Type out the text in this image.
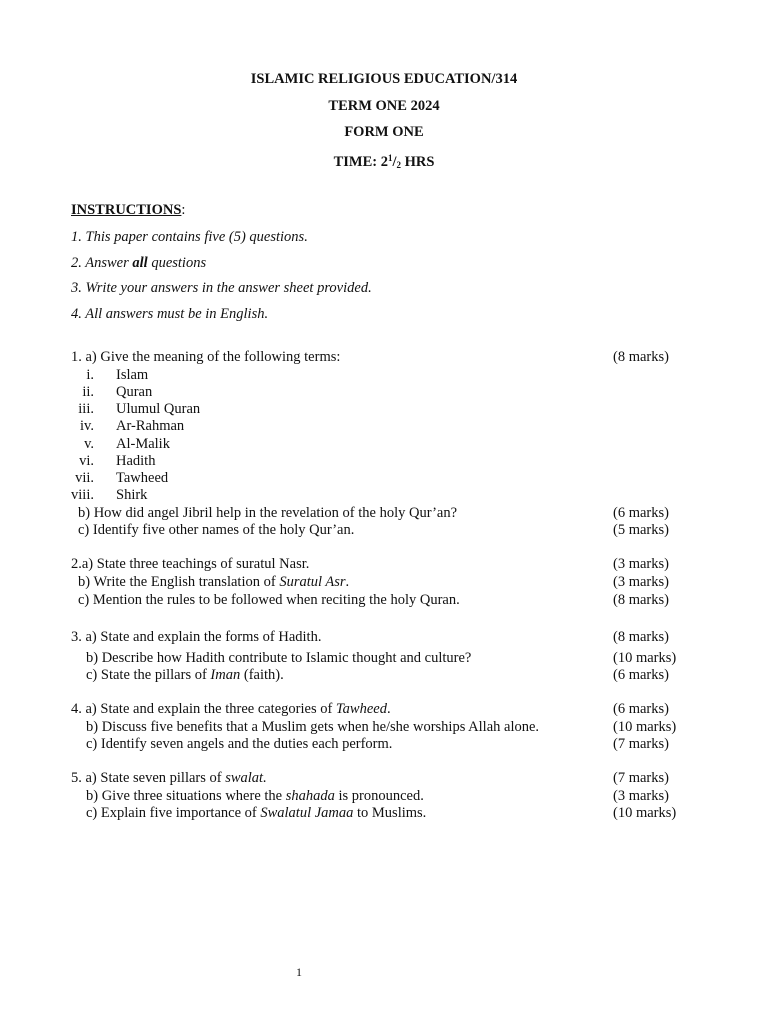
ISLAMIC RELIGIOUS EDUCATION/314
TERM ONE 2024
FORM ONE
TIME: $2^1/_2$ HRS
INSTRUCTIONS:
1. This paper contains five (5) questions.
2. Answer all questions
3. Write your answers in the answer sheet provided.
4. All answers must be in English.
1. a) Give the meaning of the following terms:	(8 marks)
i. Islam
ii. Quran
iii. Ulumul Quran
iv. Ar-Rahman
v. Al-Malik
vi. Hadith
vii. Tawheed
viii. Shirk
b) How did angel Jibril help in the revelation of the holy Qur’an?	(6 marks)
c) Identify five other names of the holy Qur’an.	(5 marks)
2.a) State three teachings of suratul Nasr.	(3 marks)
b) Write the English translation of Suratul Asr.	(3 marks)
c) Mention the rules to be followed when reciting the holy Quran.	(8 marks)
3. a) State and explain the forms of Hadith.	(8 marks)
b) Describe how Hadith contribute to Islamic thought and culture?	(10 marks)
c) State the pillars of Iman (faith).	(6 marks)
4. a) State and explain the three categories of Tawheed.	(6 marks)
b) Discuss five benefits that a Muslim gets when he/she worships Allah alone.	(10 marks)
c) Identify seven angels and the duties each perform.	(7 marks)
5. a) State seven pillars of swalat.	(7 marks)
b) Give three situations where the shahada is pronounced.	(3 marks)
c) Explain five importance of Swalatul Jamaa to Muslims.	(10 marks)
1
